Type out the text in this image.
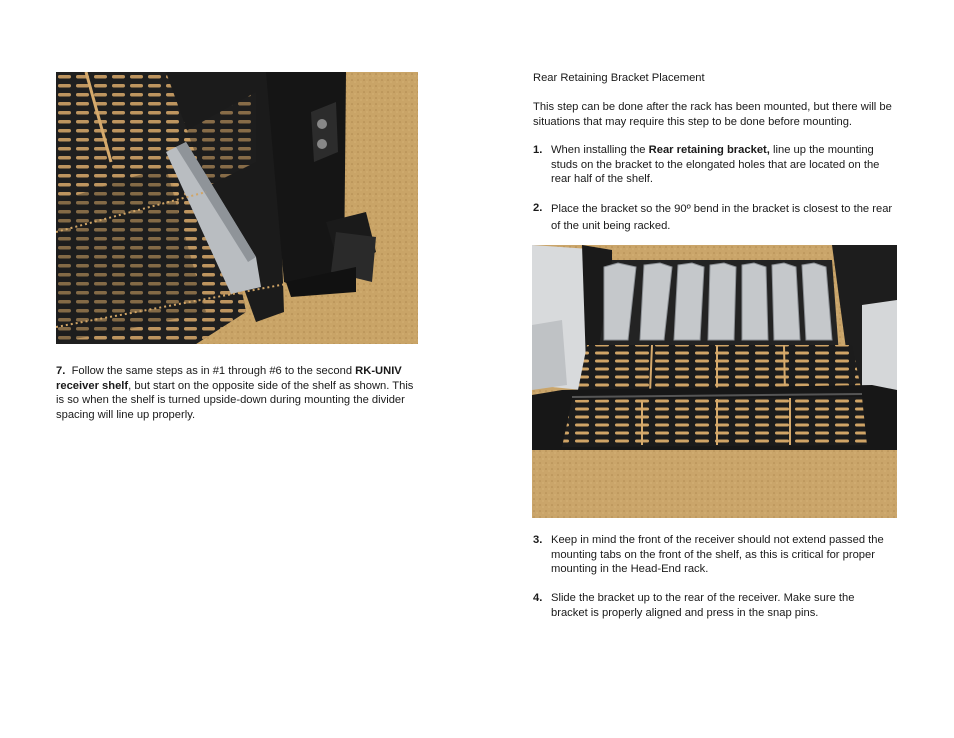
7. Follow the same steps as in #1 through #6 to the second RK-UNIV receiver shelf, but start on the opposite side of the shelf as shown. This is so when the shelf is turned upside-down during mounting the divider spacing will line up properly.
Rear Retaining Bracket Placement
This step can be done after the rack has been mounted, but there will be situations that may require this step to be done before mounting.
1. When installing the Rear retaining bracket, line up the mounting studs on the bracket to the elongated holes that are located on the rear half of the shelf.
2. Place the bracket so the 90º bend in the bracket is closest to the rear of the unit being racked.
3. Keep in mind the front of the receiver should not extend passed the mounting tabs on the front of the shelf, as this is critical for proper mounting in the Head-End rack.
4. Slide the bracket up to the rear of the receiver. Make sure the bracket is properly aligned and press in the snap pins.
